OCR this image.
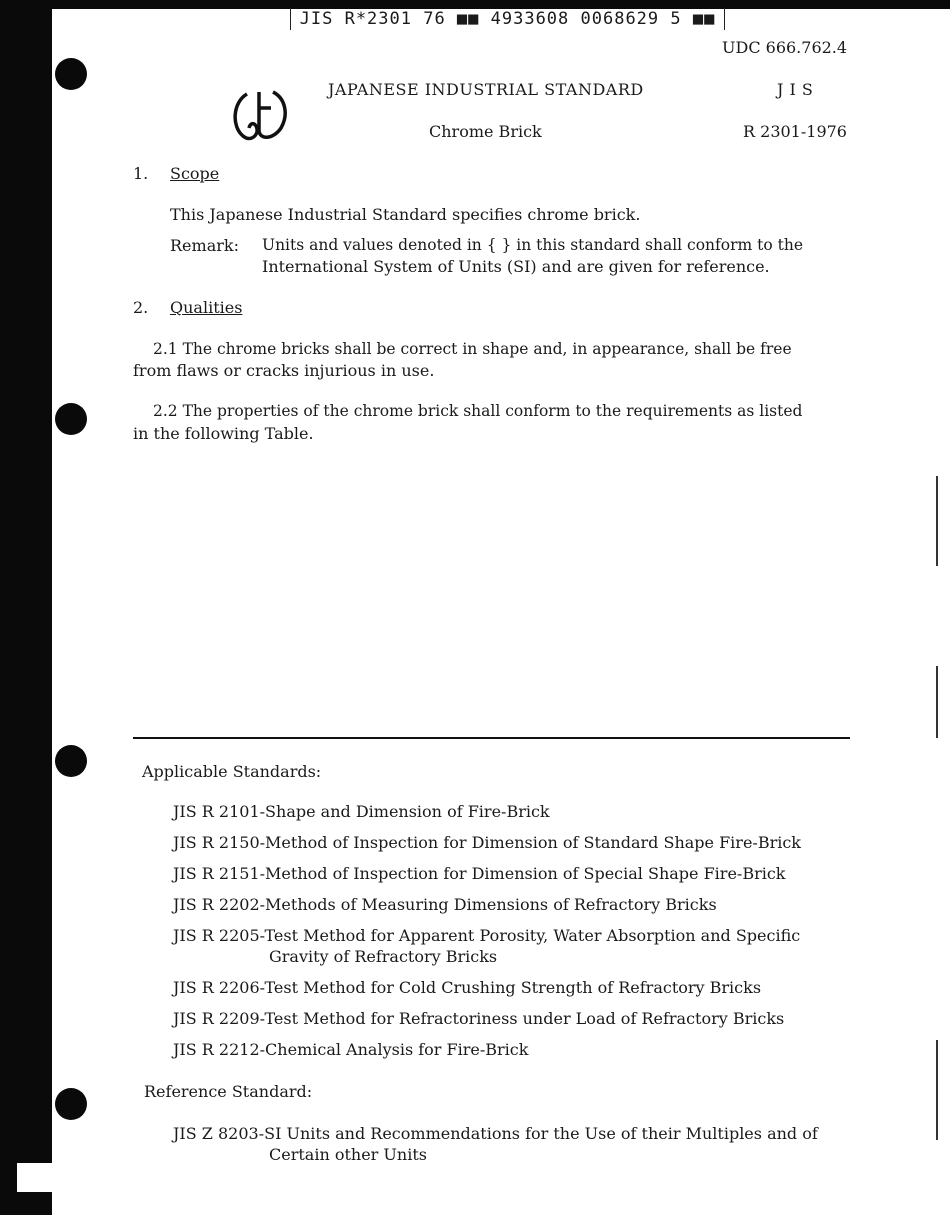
JIS R*2301 76 ■■ 4933608 0068629 5 ■■
UDC 666.762.4
JAPANESE INDUSTRIAL STANDARD	J I S
Chrome Brick	R 2301-1976
1. Scope
This Japanese Industrial Standard specifies chrome brick.
Remark: Units and values denoted in { } in this standard shall conform to the
International System of Units (SI) and are given for reference.
2. Qualities
2.1 The chrome bricks shall be correct in shape and, in appearance, shall be free
from flaws or cracks injurious in use.
2.2 The properties of the chrome brick shall conform to the requirements as listed
in the following Table.
Applicable Standards:
JIS R 2101-Shape and Dimension of Fire-Brick
JIS R 2150-Method of Inspection for Dimension of Standard Shape Fire-Brick
JIS R 2151-Method of Inspection for Dimension of Special Shape Fire-Brick
JIS R 2202-Methods of Measuring Dimensions of Refractory Bricks
JIS R 2205-Test Method for Apparent Porosity, Water Absorption and Specific
Gravity of Refractory Bricks
JIS R 2206-Test Method for Cold Crushing Strength of Refractory Bricks
JIS R 2209-Test Method for Refractoriness under Load of Refractory Bricks
JIS R 2212-Chemical Analysis for Fire-Brick
Reference Standard:
JIS Z 8203-SI Units and Recommendations for the Use of their Multiples and of
Certain other Units
